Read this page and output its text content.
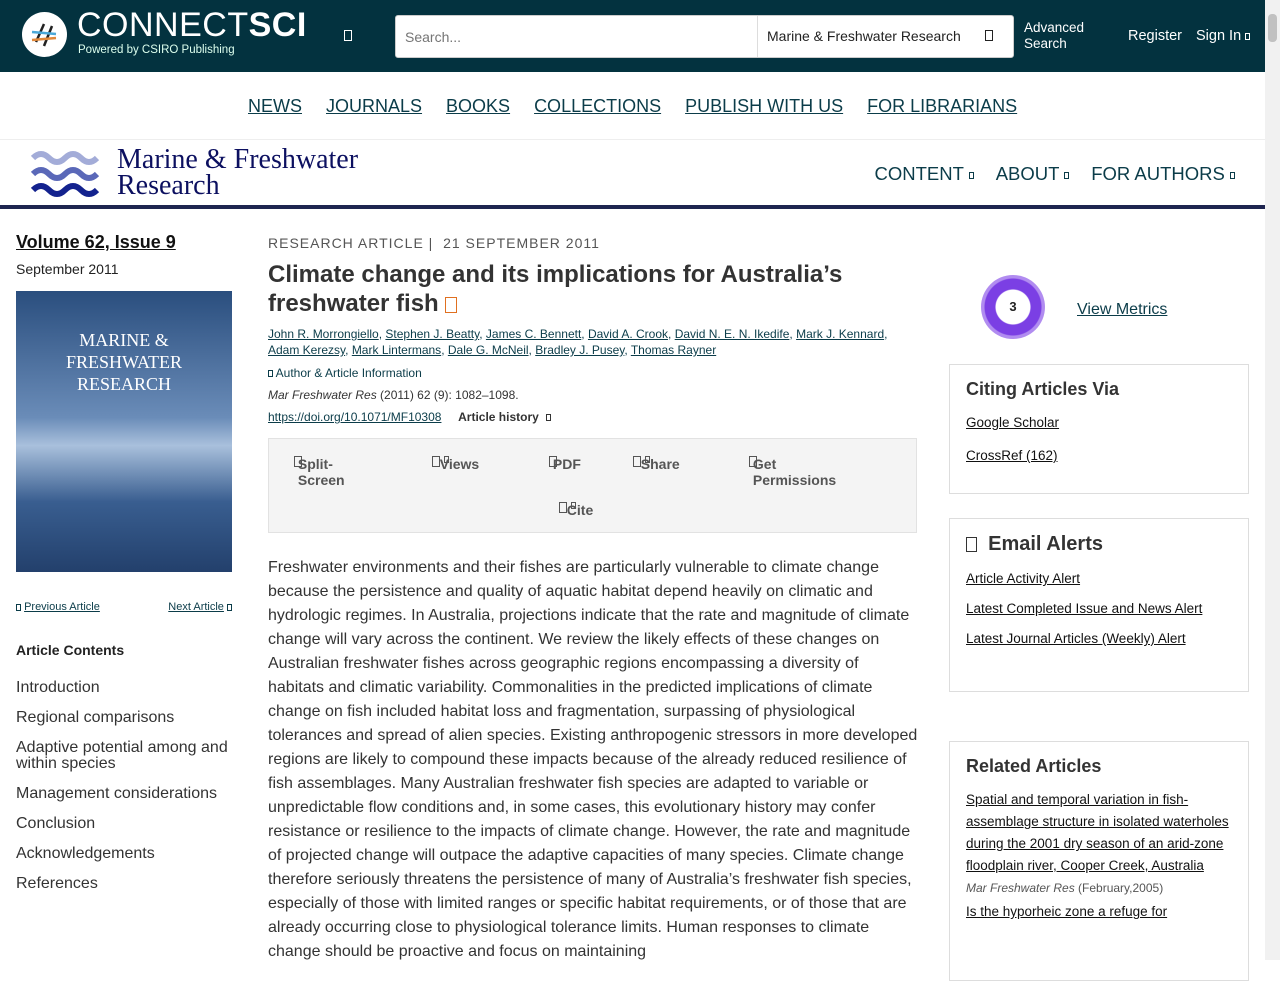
CONNECTSCI
Powered by CSIRO Publishing
Search...
Marine & Freshwater Research
Advanced Search	Register Sign In
NEWS JOURNALS BOOKS COLLECTIONS PUBLISH WITH US FOR LIBRARIANS
Marine & Freshwater
Research	CONTENT	ABOUT	FOR AUTHORS
Volume 62, Issue 9
September 2011
MARINE & FRESHWATER RESEARCH
Previous Article	Next Article
Article Contents
Introduction
Regional comparisons
Adaptive potential among and within species
Management considerations
Conclusion
Acknowledgements
References
RESEARCH ARTICLE |  21 SEPTEMBER 2011
Climate change and its implications for Australia’s freshwater fish
John R. Morrongiello, Stephen J. Beatty, James C. Bennett, David A. Crook, David N. E. N. Ikedife, Mark J. Kennard, Adam Kerezsy, Mark Lintermans, Dale G. McNeil, Bradley J. Pusey, Thomas Rayner
Author & Article Information
Mar Freshwater Res (2011) 62 (9): 1082–1098.
https://doi.org/10.1071/MF10308 Article history

Split-Screen

Views

	PDF
	Share

	Get Permissions

Cite

Freshwater environments and their fishes are particularly vulnerable to climate change because the persistence and quality of aquatic habitat depend heavily on climatic and hydrologic regimes. In Australia, projections indicate that the rate and magnitude of climate change will vary across the continent. We review the likely effects of these changes on Australian freshwater fishes across geographic regions encompassing a diversity of habitats and climatic variability. Commonalities in the predicted implications of climate change on fish included habitat loss and fragmentation, surpassing of physiological tolerances and spread of alien species. Existing anthropogenic stressors in more developed regions are likely to compound these impacts because of the already reduced resilience of fish assemblages. Many Australian freshwater fish species are adapted to variable or unpredictable flow conditions and, in some cases, this evolutionary history may confer resistance or resilience to the impacts of climate change. However, the rate and magnitude of projected change will outpace the adaptive capacities of many species. Climate change therefore seriously threatens the persistence of many of Australia’s freshwater fish species, especially of those with limited ranges or specific habitat requirements, or of those that are already occurring close to physiological tolerance limits. Human responses to climate change should be proactive and focus on maintaining
3	View Metrics
Citing Articles Via
Google Scholar
CrossRef (162)
Email Alerts
Article Activity Alert
Latest Completed Issue and News Alert
Latest Journal Articles (Weekly) Alert
Related Articles
Spatial and temporal variation in fish-assemblage structure in isolated waterholes during the 2001 dry season of an arid-zone floodplain river, Cooper Creek, Australia
Mar Freshwater Res (February,2005)
Is the hyporheic zone a refuge for
